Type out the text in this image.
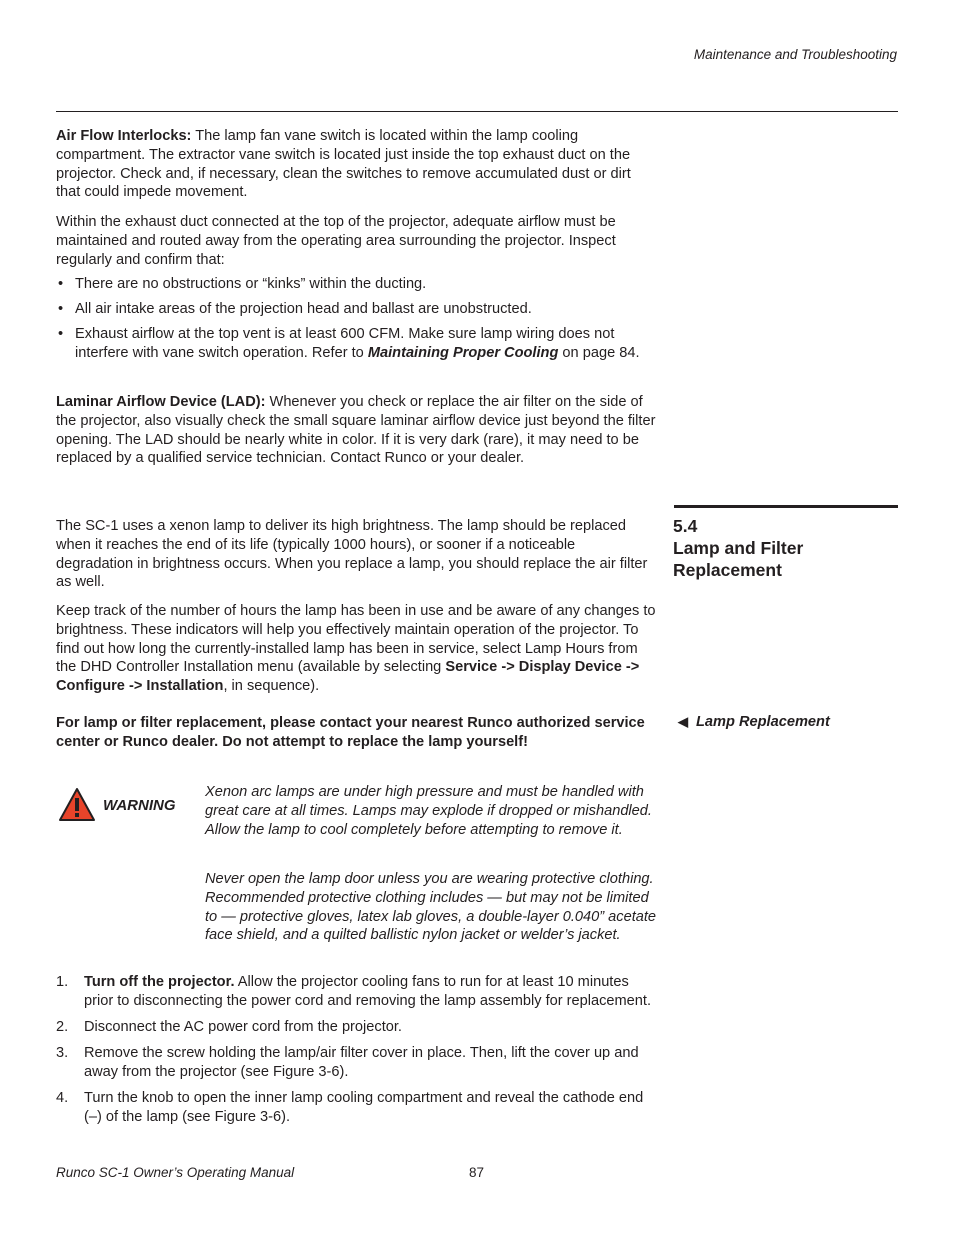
Maintenance and Troubleshooting

Air Flow Interlocks: The lamp fan vane switch is located within the lamp cooling compartment. The extractor vane switch is located just inside the top exhaust duct on the projector. Check and, if necessary, clean the switches to remove accumulated dust or dirt that could impede movement.

Within the exhaust duct connected at the top of the projector, adequate airflow must be maintained and routed away from the operating area surrounding the projector. Inspect regularly and confirm that:

• There are no obstructions or “kinks” within the ducting.
• All air intake areas of the projection head and ballast are unobstructed.
• Exhaust airflow at the top vent is at least 600 CFM. Make sure lamp wiring does not interfere with vane switch operation. Refer to Maintaining Proper Cooling on page 84.

Laminar Airflow Device (LAD): Whenever you check or replace the air filter on the side of the projector, also visually check the small square laminar airflow device just beyond the filter opening. The LAD should be nearly white in color. If it is very dark (rare), it may need to be replaced by a qualified service technician. Contact Runco or your dealer.

5.4
Lamp and Filter Replacement

The SC-1 uses a xenon lamp to deliver its high brightness. The lamp should be replaced when it reaches the end of its life (typically 1000 hours), or sooner if a noticeable degradation in brightness occurs. When you replace a lamp, you should replace the air filter as well.

Keep track of the number of hours the lamp has been in use and be aware of any changes to brightness. These indicators will help you effectively maintain operation of the projector. To find out how long the currently-installed lamp has been in service, select Lamp Hours from the DHD Controller Installation menu (available by selecting Service -> Display Device -> Configure -> Installation, in sequence).

For lamp or filter replacement, please contact your nearest Runco authorized service center or Runco dealer. Do not attempt to replace the lamp yourself!

◀ Lamp Replacement
WARNING
Xenon arc lamps are under high pressure and must be handled with great care at all times. Lamps may explode if dropped or mishandled. Allow the lamp to cool completely before attempting to remove it.
Never open the lamp door unless you are wearing protective clothing. Recommended protective clothing includes — but may not be limited to — protective gloves, latex lab gloves, a double-layer 0.040” acetate face shield, and a quilted ballistic nylon jacket or welder’s jacket.
1. Turn off the projector. Allow the projector cooling fans to run for at least 10 minutes prior to disconnecting the power cord and removing the lamp assembly for replacement.
2. Disconnect the AC power cord from the projector.
3. Remove the screw holding the lamp/air filter cover in place. Then, lift the cover up and away from the projector (see Figure 3-6).
4. Turn the knob to open the inner lamp cooling compartment and reveal the cathode end (–) of the lamp (see Figure 3-6).
Runco SC-1 Owner’s Operating Manual	87
